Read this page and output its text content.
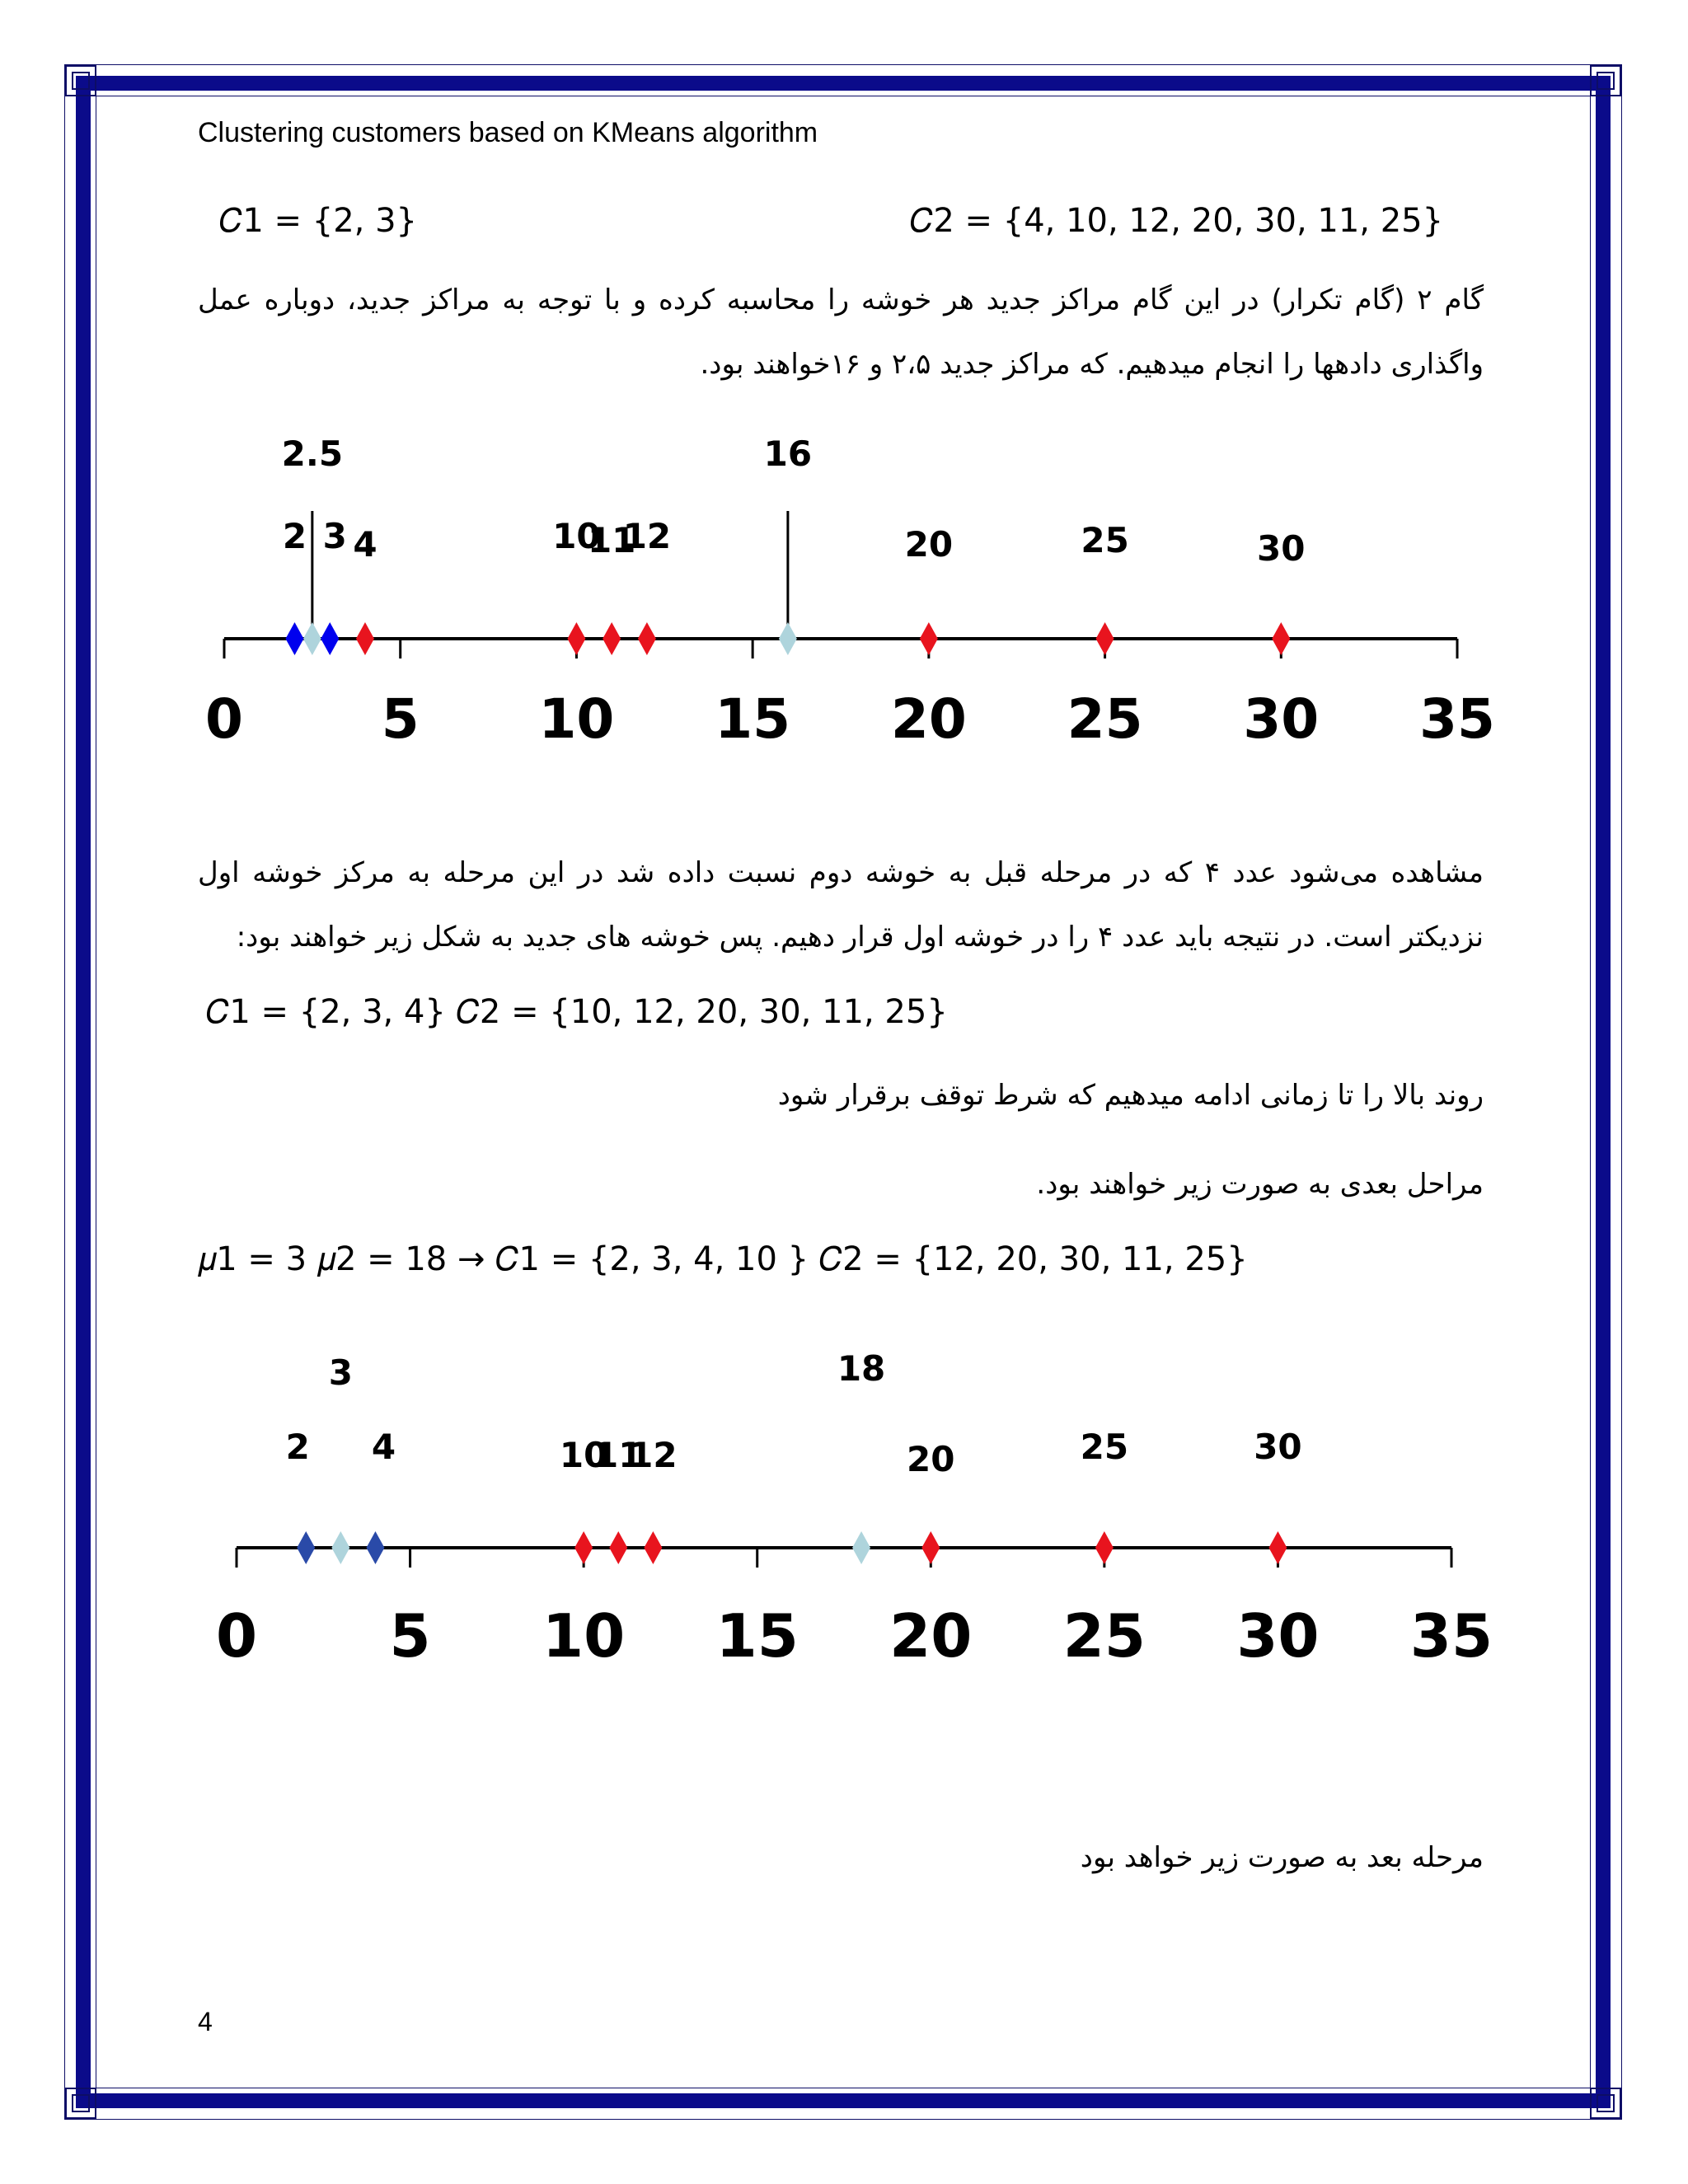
Clustering customers based on KMeans algorithm
𝐶1 = {2, 3}	𝐶2 = {4, 10, 12, 20, 30, 11, 25}
گام ۲ (گام تکرار) در این گام مراکز جدید هر خوشه را محاسبه کرده و با توجه به مراکز جدید، دوباره عمل واگذاری دادهها را انجام میدهیم. که مراکز جدید ۲،۵ و ۱۶خواهند بود.
0	5 10 15 20 25 30 35
2.5	16
2 3 4	10
11
12	20	25	30
مشاهده می‌شود عدد ۴ که در مرحله قبل به خوشه دوم نسبت داده شد در این مرحله به مرکز خوشه اول نزدیکتر است. در نتیجه باید عدد ۴ را در خوشه اول قرار دهیم. پس خوشه های جدید به شکل زیر خواهند بود:
𝐶1 = {2, 3, 4} 𝐶2 = {10, 12, 20, 30, 11, 25}
روند بالا را تا زمانی ادامه میدهیم که شرط توقف برقرار شود
مراحل بعدی به صورت زیر خواهند بود.
𝜇1 = 3 𝜇2 = 18 → 𝐶1 = {2, 3, 4, 10 } 𝐶2 = {12, 20, 30, 11, 25}
0 5 10 15 20 25 30 35
3	18
2 4	10
11
12	20	25	30
مرحله بعد به صورت زیر خواهد بود
4
